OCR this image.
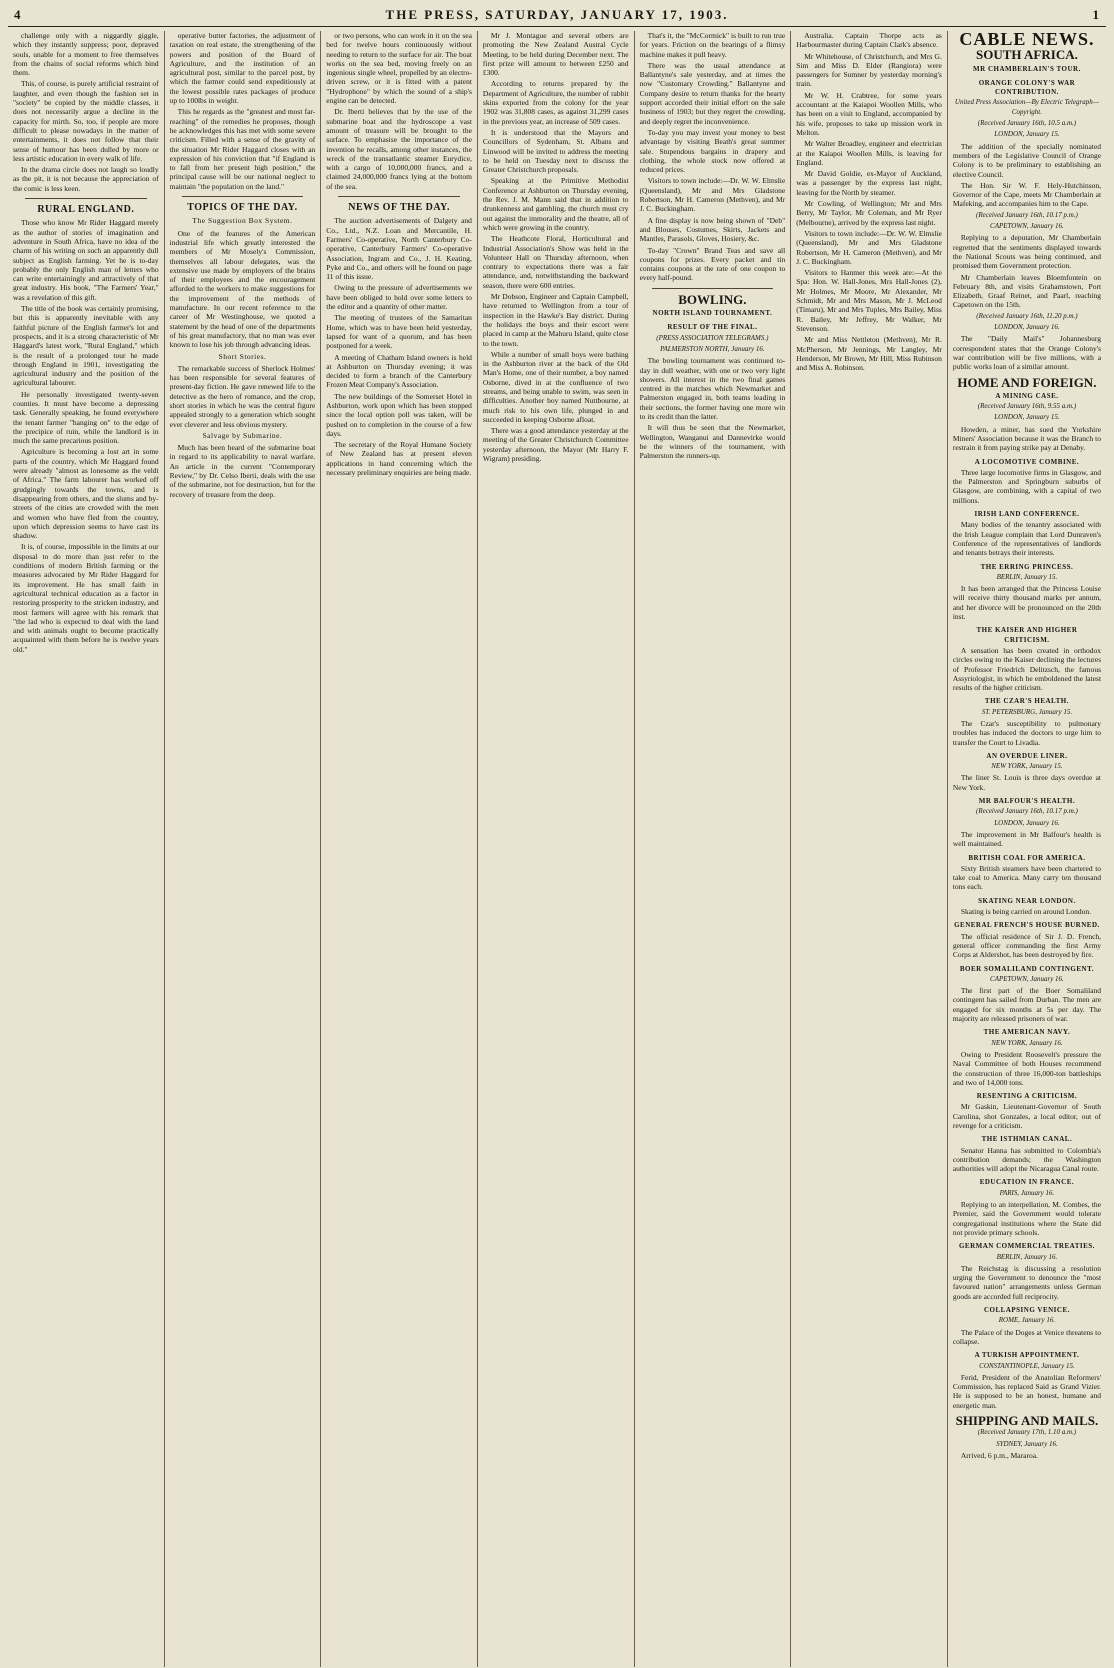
4	THE PRESS, SATURDAY, JANUARY 17, 1903.	1

challenge only with a niggardly giggle, which they instantly suppress; poor, depraved souls, unable for a moment to free themselves from the chains of social reforms which bind them.

This, of course, is purely artificial restraint of laughter, and even though the fashion set in "society" be copied by the middle classes, it does not necessarily argue a decline in the capacity for mirth. So, too, if people are more difficult to please nowadays in the matter of entertainments, it does not follow that their sense of humour has been dulled by more or less artistic education in every walk of life.

In the drama circle does not laugh so loudly as the pit, it is not because the appreciation of the comic is less keen.

RURAL ENGLAND.

Those who know Mr Rider Haggard merely as the author of stories of imagination and adventure in South Africa, have no idea of the charm of his writing on such an apparently dull subject as English farming. Yet he is to-day probably the only English man of letters who can write entertainingly and attractively of that great industry. His book, "The Farmers' Year," was a revelation of this gift.

The title of the book was certainly promising, but this is apparently inevitable with any faithful picture of the English farmer's lot and prospects, and it is a strong characteristic of Mr Haggard's latest work, "Rural England," which is the result of a prolonged tour he made through England in 1901, investigating the agricultural industry and the position of the agricultural labourer.

He personally investigated twenty-seven counties. It must have become a depressing task. Generally speaking, he found everywhere the tenant farmer "hanging on" to the edge of the precipice of ruin, while the landlord is in much the same precarious position.

Agriculture is becoming a lost art in some parts of the country, which Mr Haggard found were already "almost as lonesome as the veldt of Africa." The farm labourer has worked off grudgingly towards the towns, and is disappearing from others, and the slums and by-streets of the cities are crowded with the men and women who have fled from the country, upon which depression seems to have cast its shadow.

It is, of course, impossible in the limits at our disposal to do more than just refer to the conditions of modern British farming or the measures advocated by Mr Rider Haggard for its improvement. He has small faith in agricultural technical education as a factor in restoring prosperity to the stricken industry, and most farmers will agree with his remark that "the lad who is expected to deal with the land and with animals ought to become practically acquainted with them before he is twelve years old."

operative butter factories, the adjustment of taxation on real estate, the strengthening of the powers and position of the Board of Agriculture, and the institution of an agricultural post, similar to the parcel post, by which the farmer could send expeditiously at the lowest possible rates packages of produce up to 100lbs in weight.

This he regards as the "greatest and most far-reaching" of the remedies he proposes, though he acknowledges this has met with some severe criticism. Filled with a sense of the gravity of the situation Mr Rider Haggard closes with an expression of his conviction that "if England is to fall from her present high position," the principal cause will be our national neglect to maintain "the population on the land."

TOPICS OF THE DAY.
The Suggestion Box System.

One of the features of the American industrial life which greatly interested the members of Mr Mosely's Commission, themselves all labour delegates, was the extensive use made by employers of the brains of their employees and the encouragement afforded to the workers to make suggestions for the improvement of the methods of manufacture. In our recent reference to the career of Mr Westinghouse, we quoted a statement by the head of one of the departments of his great manufactory, that no man was ever known to lose his job through advancing ideas.

Short Stories.

The remarkable success of Sherlock Holmes' has been responsible for several features of present-day fiction. He gave renewed life to the detective as the hero of romance, and the crop, short stories in which he was the central figure appealed strongly to a generation which sought ever cleverer and less obvious mystery.

Salvage by Submarine.

Much has been heard of the submarine boat in regard to its applicability to naval warfare. An article in the current "Contemporary Review," by Dr. Celso Iberti, deals with the use of the submarine, not for destruction, but for the recovery of treasure from the deep.

or two persons, who can work in it on the sea bed for twelve hours continuously without needing to return to the surface for air. The boat works on the sea bed, moving freely on an ingenious single wheel, propelled by an electro-driven screw, or it is fitted with a patent "Hydrophone" by which the sound of a ship's engine can be detected.

Dr. Iberti believes that by the use of the submarine boat and the hydroscope a vast amount of treasure will be brought to the surface. To emphasise the importance of the invention he recalls, among other instances, the wreck of the transatlantic steamer Eurydice, with a cargo of 10,000,000 francs, and a claimed 24,000,000 francs lying at the bottom of the sea.

NEWS OF THE DAY.

The auction advertisements of Dalgety and Co., Ltd., N.Z. Loan and Mercantile, H. Farmers' Co-operative, North Canterbury Co-operative, Canterbury Farmers' Co-operative Association, Ingram and Co., J. H. Keating, Pyke and Co., and others will be found on page 11 of this issue.

Owing to the pressure of advertisements we have been obliged to hold over some letters to the editor and a quantity of other matter.

The meeting of trustees of the Samaritan Home, which was to have been held yesterday, lapsed for want of a quorum, and has been postponed for a week.

A meeting of Chatham Island owners is held at Ashburton on Thursday evening; it was decided to form a branch of the Canterbury Frozen Meat Company's Association.

The new buildings of the Somerset Hotel in Ashburton, work upon which has been stopped since the local option poll was taken, will be pushed on to completion in the course of a few days.

The secretary of the Royal Humane Society of New Zealand has at present eleven applications in hand concerning which the necessary preliminary enquiries are being made.

Mr J. Montague and several others are promoting the New Zealand Austral Cycle Meeting, to be held during December next. The first prize will amount to between £250 and £300.

According to returns prepared by the Department of Agriculture, the number of rabbit skins exported from the colony for the year 1902 was 31,808 cases, as against 31,299 cases in the previous year, an increase of 509 cases.

It is understood that the Mayors and Councillors of Sydenham, St. Albans and Linwood will be invited to address the meeting to be held on Tuesday next to discuss the Greater Christchurch proposals.

Speaking at the Primitive Methodist Conference at Ashburton on Thursday evening, the Rev. J. M. Mann said that in addition to drunkenness and gambling, the church must cry out against the immorality and the theatre, all of which were growing in the country.

The Heathcote Floral, Horticultural and Industrial Association's Show was held in the Volunteer Hall on Thursday afternoon, when contrary to expectations there was a fair attendance, and, notwithstanding the backward season, there were 600 entries.

Mr Dobson, Engineer and Captain Campbell, have returned to Wellington from a tour of inspection in the Hawke's Bay district. During the holidays the boys and their escort were placed in camp at the Mahuru Island, quite close to the town.

While a number of small boys were bathing in the Ashburton river at the back of the Old Man's Home, one of their number, a boy named Osborne, dived in at the confluence of two streams, and being unable to swim, was seen in difficulties. Another boy named Nuttbourne, at much risk to his own life, plunged in and succeeded in keeping Osborne afloat.

There was a good attendance yesterday at the meeting of the Greater Christchurch Committee yesterday afternoon, the Mayor (Mr Harry F. Wigram) presiding.

That's it, the "McCormick" is built to run true for years. Friction on the bearings of a flimsy machine makes it pull heavy.

There was the usual attendance at Ballantyne's sale yesterday, and at times the now "Customary Crowding." Ballantyne and Company desire to return thanks for the hearty support accorded their initial effort on the sale business of 1903; but they regret the crowding, and deeply regret the inconvenience.

To-day you may invest your money to best advantage by visiting Beath's great summer sale. Stupendous bargains in drapery and clothing, the whole stock now offered at reduced prices.

Visitors to town include:—Dr. W. W. Elmslie (Queensland), Mr and Mrs Gladstone Robertson, Mr H. Cameron (Methven), and Mr J. C. Buckingham.

A fine display is now being shown of "Deb" and Blouses, Costumes, Skirts, Jackets and Mantles, Parasols, Gloves, Hosiery, &c.

To-day "Crown" Brand Teas and save all coupons for prizes. Every packet and tin contains coupons at the rate of one coupon to every half-pound.

BOWLING.
NORTH ISLAND TOURNAMENT.
RESULT OF THE FINAL.
(PRESS ASSOCIATION TELEGRAMS.)
PALMERSTON NORTH, January 16.

The bowling tournament was continued to-day in dull weather, with one or two very light showers. All interest in the two final games centred in the matches which Newmarket and Palmerston engaged in, both teams leading in their sections, the former having one more win to its credit than the latter.

It will thus be seen that the Newmarket, Wellington, Wanganui and Dannevirke would be the winners of the tournament, with Palmerston the runners-up.

Australia. Captain Thorpe acts as Harbourmaster during Captain Clark's absence.

Mr Whitehouse, of Christchurch, and Mrs G. Sim and Miss D. Elder (Rangiora) were passengers for Sumner by yesterday morning's train.

Mr W. H. Crabtree, for some years accountant at the Kaiapoi Woollen Mills, who has been on a visit to England, accompanied by his wife, proposes to take up mission work in Melton.

Mr Walter Broadley, engineer and electrician at the Kaiapoi Woollen Mills, is leaving for England.

Mr David Goldie, ex-Mayor of Auckland, was a passenger by the express last night, leaving for the North by steamer.

Mr Cowling, of Wellington; Mr and Mrs Berry, Mr Taylor, Mr Coleman, and Mr Ryer (Melbourne), arrived by the express last night.

Visitors to town include:—Dr. W. W. Elmslie (Queensland), Mr and Mrs Gladstone Robertson, Mr H. Cameron (Methven), and Mr J. C. Buckingham.

Visitors to Hanmer this week are:—At the Spa: Hon. W. Hall-Jones, Mrs Hall-Jones (2), Mr Holmes, Mr Moore, Mr Alexander, Mr Schmidt, Mr and Mrs Mason, Mr J. McLeod (Timaru), Mr and Mrs Tuples, Mrs Bailey, Miss R. Bailey, Mr Jeffrey, Mr Walker, Mr Stevenson.

Mr and Miss Nettleton (Methven), Mr R. McPherson, Mr Jennings, Mr Langley, Mr Henderson, Mr Brown, Mr Hill, Miss Rubinson and Miss A. Robinson.

CABLE NEWS.
SOUTH AFRICA.
MR CHAMBERLAIN'S TOUR.
ORANGE COLONY'S WAR CONTRIBUTION.
United Press Association—By Electric Telegraph—Copyright.
(Received January 16th, 10.5 a.m.)
LONDON, January 15.

The addition of the specially nominated members of the Legislative Council of Orange Colony is to be preliminary to establishing an elective Council.

The Hon. Sir W. F. Hely-Hutchinson, Governor of the Cape, meets Mr Chamberlain at Mafeking, and accompanies him to the Cape.

(Received January 16th, 10.17 p.m.)
CAPETOWN, January 16.

Replying to a deputation, Mr Chamberlain regretted that the sentiments displayed towards the National Scouts was being continued, and promised them Government protection.

Mr Chamberlain leaves Bloemfontein on February 8th, and visits Grahamstown, Port Elizabeth, Graaf Reinet, and Paarl, reaching Capetown on the 15th.

(Received January 16th, 11.20 p.m.)
LONDON, January 16.

The "Daily Mail's" Johannesburg correspondent states that the Orange Colony's war contribution will be five millions, with a public works loan of a similar amount.

HOME AND FOREIGN.
A MINING CASE.
(Received January 16th, 9.55 a.m.)
LONDON, January 15.

Howden, a miner, has sued the Yorkshire Miners' Association because it was the Branch to restrain it from paying strike pay at Denaby.

A LOCOMOTIVE COMBINE.

Three large locomotive firms in Glasgow, and the Palmerston and Springburn suburbs of Glasgow, are combining, with a capital of two millions.

IRISH LAND CONFERENCE.

Many bodies of the tenantry associated with the Irish League complain that Lord Dunraven's Conference of the representatives of landlords and tenants betrays their interests.

THE ERRING PRINCESS.
BERLIN, January 15.

It has been arranged that the Princess Louise will receive thirty thousand marks per annum, and her divorce will be pronounced on the 20th inst.

THE KAISER AND HIGHER CRITICISM.

A sensation has been created in orthodox circles owing to the Kaiser declining the lectures of Professor Friedrich Delitzsch, the famous Assyriologist, in which he emboldened the latest results of the higher criticism.

THE CZAR'S HEALTH.
ST. PETERSBURG, January 15.

The Czar's susceptibility to pulmonary troubles has induced the doctors to urge him to transfer the Court to Livadia.

AN OVERDUE LINER.
NEW YORK, January 15.

The liner St. Louis is three days overdue at New York.

MR BALFOUR'S HEALTH.
(Received January 16th, 10.17 p.m.)
LONDON, January 16.

The improvement in Mr Balfour's health is well maintained.

BRITISH COAL FOR AMERICA.

Sixty British steamers have been chartered to take coal to America. Many carry ten thousand tons each.

SKATING NEAR LONDON.

Skating is being carried on around London.

GENERAL FRENCH'S HOUSE BURNED.

The official residence of Sir J. D. French, general officer commanding the first Army Corps at Aldershot, has been destroyed by fire.

BOER SOMALILAND CONTINGENT.
CAPETOWN, January 16.

The first part of the Boer Somaliland contingent has sailed from Durban. The men are engaged for six months at 5s per day. The majority are released prisoners of war.

THE AMERICAN NAVY.
NEW YORK, January 16.

Owing to President Roosevelt's pressure the Naval Committee of both Houses recommend the construction of three 16,000-ton battleships and two of 14,000 tons.

RESENTING A CRITICISM.

Mr Gaskin, Lieutenant-Governor of South Carolina, shot Gonzales, a local editor, out of revenge for a criticism.

THE ISTHMIAN CANAL.

Senator Hanna has submitted to Colombia's contribution demands; the Washington authorities will adopt the Nicaragua Canal route.

EDUCATION IN FRANCE.
PARIS, January 16.

Replying to an interpellation, M. Combes, the Premier, said the Government would tolerate congregational institutions where the State did not provide primary schools.

GERMAN COMMERCIAL TREATIES.
BERLIN, January 16.

The Reichstag is discussing a resolution urging the Government to denounce the "most favoured nation" arrangements unless German goods are accorded full reciprocity.

COLLAPSING VENICE.
ROME, January 16.

The Palace of the Doges at Venice threatens to collapse.

A TURKISH APPOINTMENT.
CONSTANTINOPLE, January 15.

Ferid, President of the Anatolian Reformers' Commission, has replaced Said as Grand Vizier. He is supposed to be an honest, humane and energetic man.

SHIPPING AND MAILS.
(Received January 17th, 1.10 a.m.)
SYDNEY, January 16.

Arrived, 6 p.m., Mararoa.
